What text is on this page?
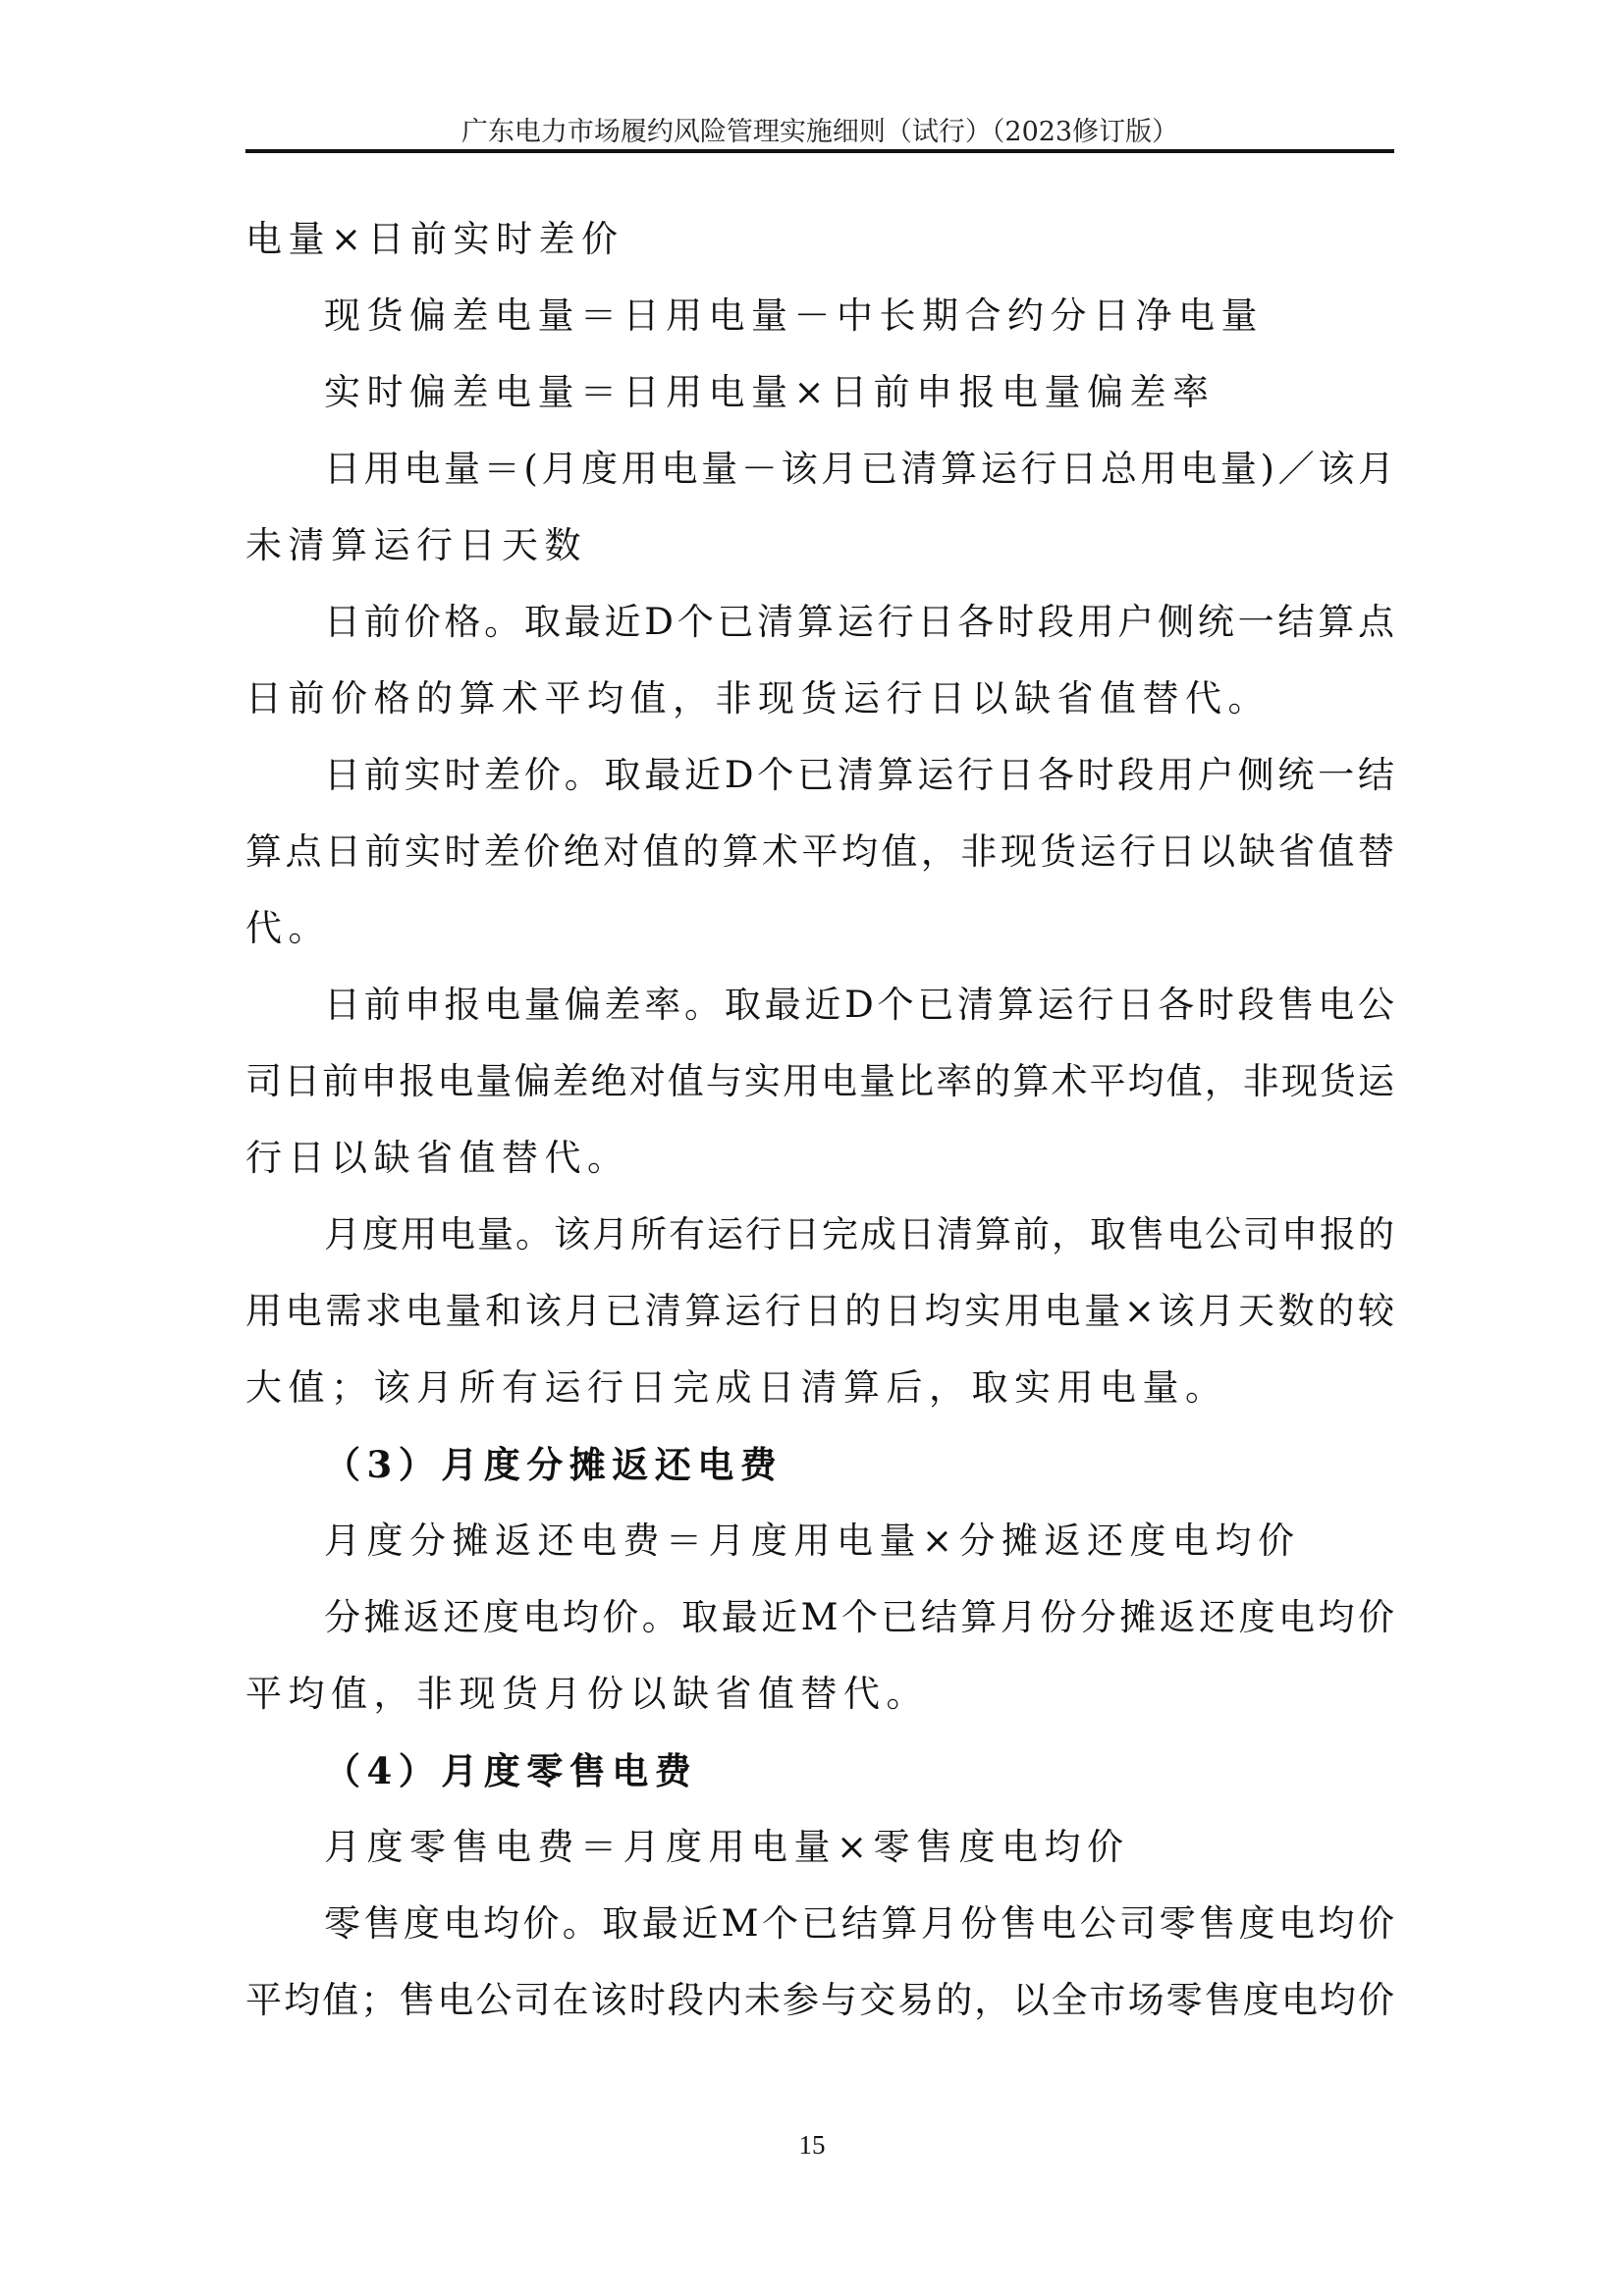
广东电力市场履约风险管理实施细则（试行）（2023修订版）
电量×日前实时差价
现货偏差电量＝日用电量－中长期合约分日净电量
实时偏差电量＝日用电量×日前申报电量偏差率
日用电量＝(月度用电量－该月已清算运行日总用电量)／该月
未清算运行日天数
日前价格。取最近D个已清算运行日各时段用户侧统一结算点
日前价格的算术平均值，非现货运行日以缺省值替代。
日前实时差价。取最近D个已清算运行日各时段用户侧统一结
算点日前实时差价绝对值的算术平均值，非现货运行日以缺省值替
代。
日前申报电量偏差率。取最近D个已清算运行日各时段售电公
司日前申报电量偏差绝对值与实用电量比率的算术平均值，非现货运
行日以缺省值替代。
月度用电量。该月所有运行日完成日清算前，取售电公司申报的
用电需求电量和该月已清算运行日的日均实用电量×该月天数的较
大值；该月所有运行日完成日清算后，取实用电量。
（3）月度分摊返还电费
月度分摊返还电费＝月度用电量×分摊返还度电均价
分摊返还度电均价。取最近M个已结算月份分摊返还度电均价
平均值，非现货月份以缺省值替代。
（4）月度零售电费
月度零售电费＝月度用电量×零售度电均价
零售度电均价。取最近M个已结算月份售电公司零售度电均价
平均值；售电公司在该时段内未参与交易的，以全市场零售度电均价
15
